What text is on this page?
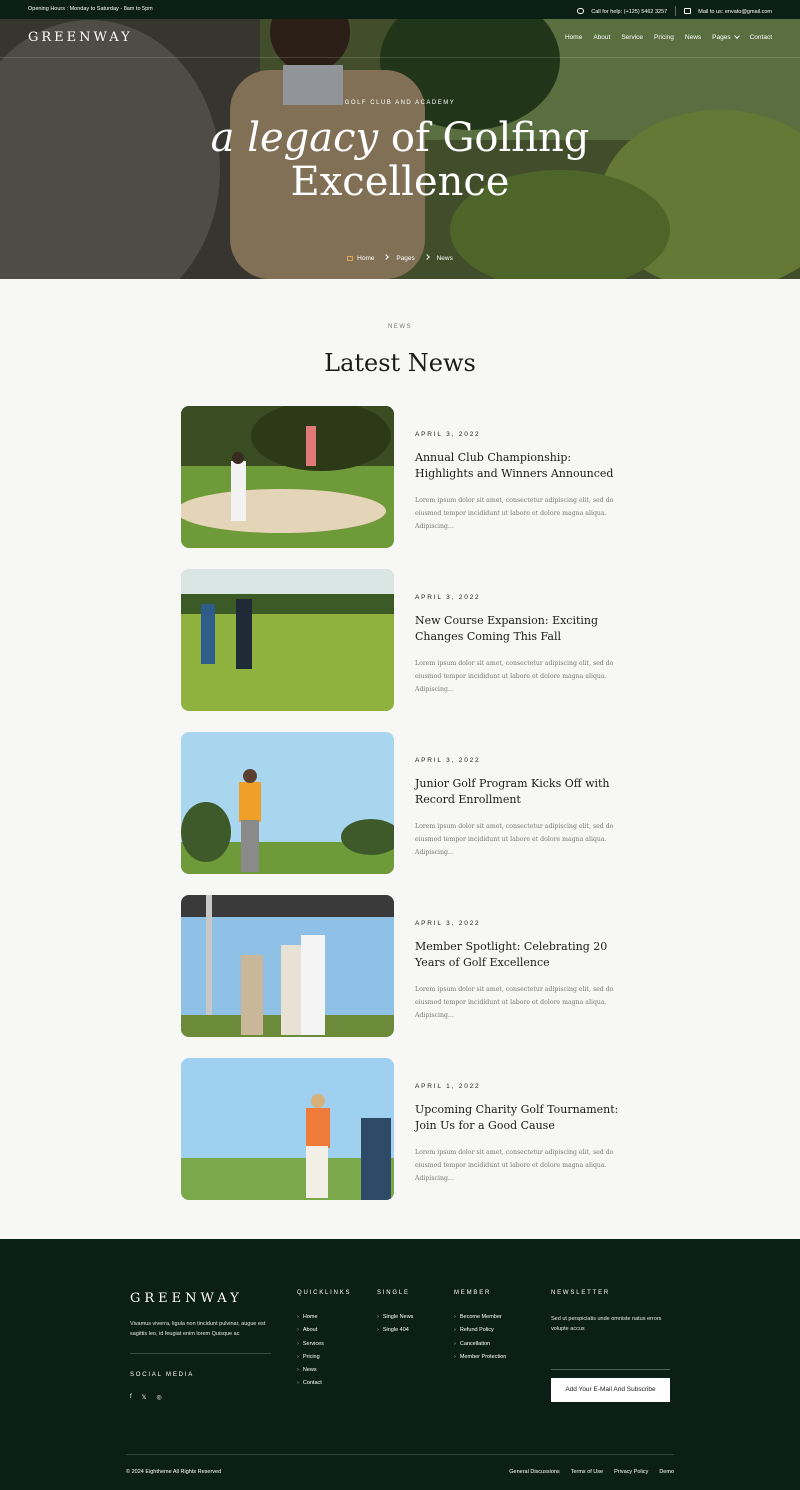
Opening Hours : Monday to Saturday - 8am to 5pm	Call for help: (+125) 5462 3257	Mail to us: envato@gmail.com
GREENWAY	Home About Service Pricing News Pages	Contact
GOLF CLUB AND ACADEMY
a legacy of Golfing
Excellence
Home	Pages	News
NEWS
Latest News
APRIL 3, 2022
Annual Club Championship: Highlights and Winners Announced
Lorem ipsum dolor sit amet, consectetur adipiscing elit, sed do eiusmod tempor incididunt ut labore et dolore magna aliqua. Adipiscing...
APRIL 3, 2022
New Course Expansion: Exciting Changes Coming This Fall
Lorem ipsum dolor sit amet, consectetur adipiscing elit, sed do eiusmod tempor incididunt ut labore et dolore magna aliqua. Adipiscing...
APRIL 3, 2022
Junior Golf Program Kicks Off with Record Enrollment
Lorem ipsum dolor sit amet, consectetur adipiscing elit, sed do eiusmod tempor incididunt ut labore et dolore magna aliqua. Adipiscing...
APRIL 3, 2022
Member Spotlight: Celebrating 20 Years of Golf Excellence
Lorem ipsum dolor sit amet, consectetur adipiscing elit, sed do eiusmod tempor incididunt ut labore et dolore magna aliqua. Adipiscing...
APRIL 1, 2022
Upcoming Charity Golf Tournament: Join Us for a Good Cause
Lorem ipsum dolor sit amet, consectetur adipiscing elit, sed do eiusmod tempor incididunt ut labore et dolore magna aliqua. Adipiscing...
GREENWAY
Vivamus viverra, ligula non tincidunt pulvinar, augue est sagittis leo, id feugiat enim lorem Quisque ac
SOCIAL MEDIA
f 𝕏 ◎
QUICKLINKS
› Home
› About
› Services
› Pricing
› News
› Contact
SINGLE
› Single News
› Single 404
MEMBER
› Become Member
› Refund Policy
› Cancellation
› Member Protection
NEWSLETTER
Sed ut perspiciatis unde omniste natus errors volupte accus
Add Your E-Mail And Subscribe
© 2024 Eightheme All Rights Reserved	General Discussions Terms of Use Privacy Policy Demo
